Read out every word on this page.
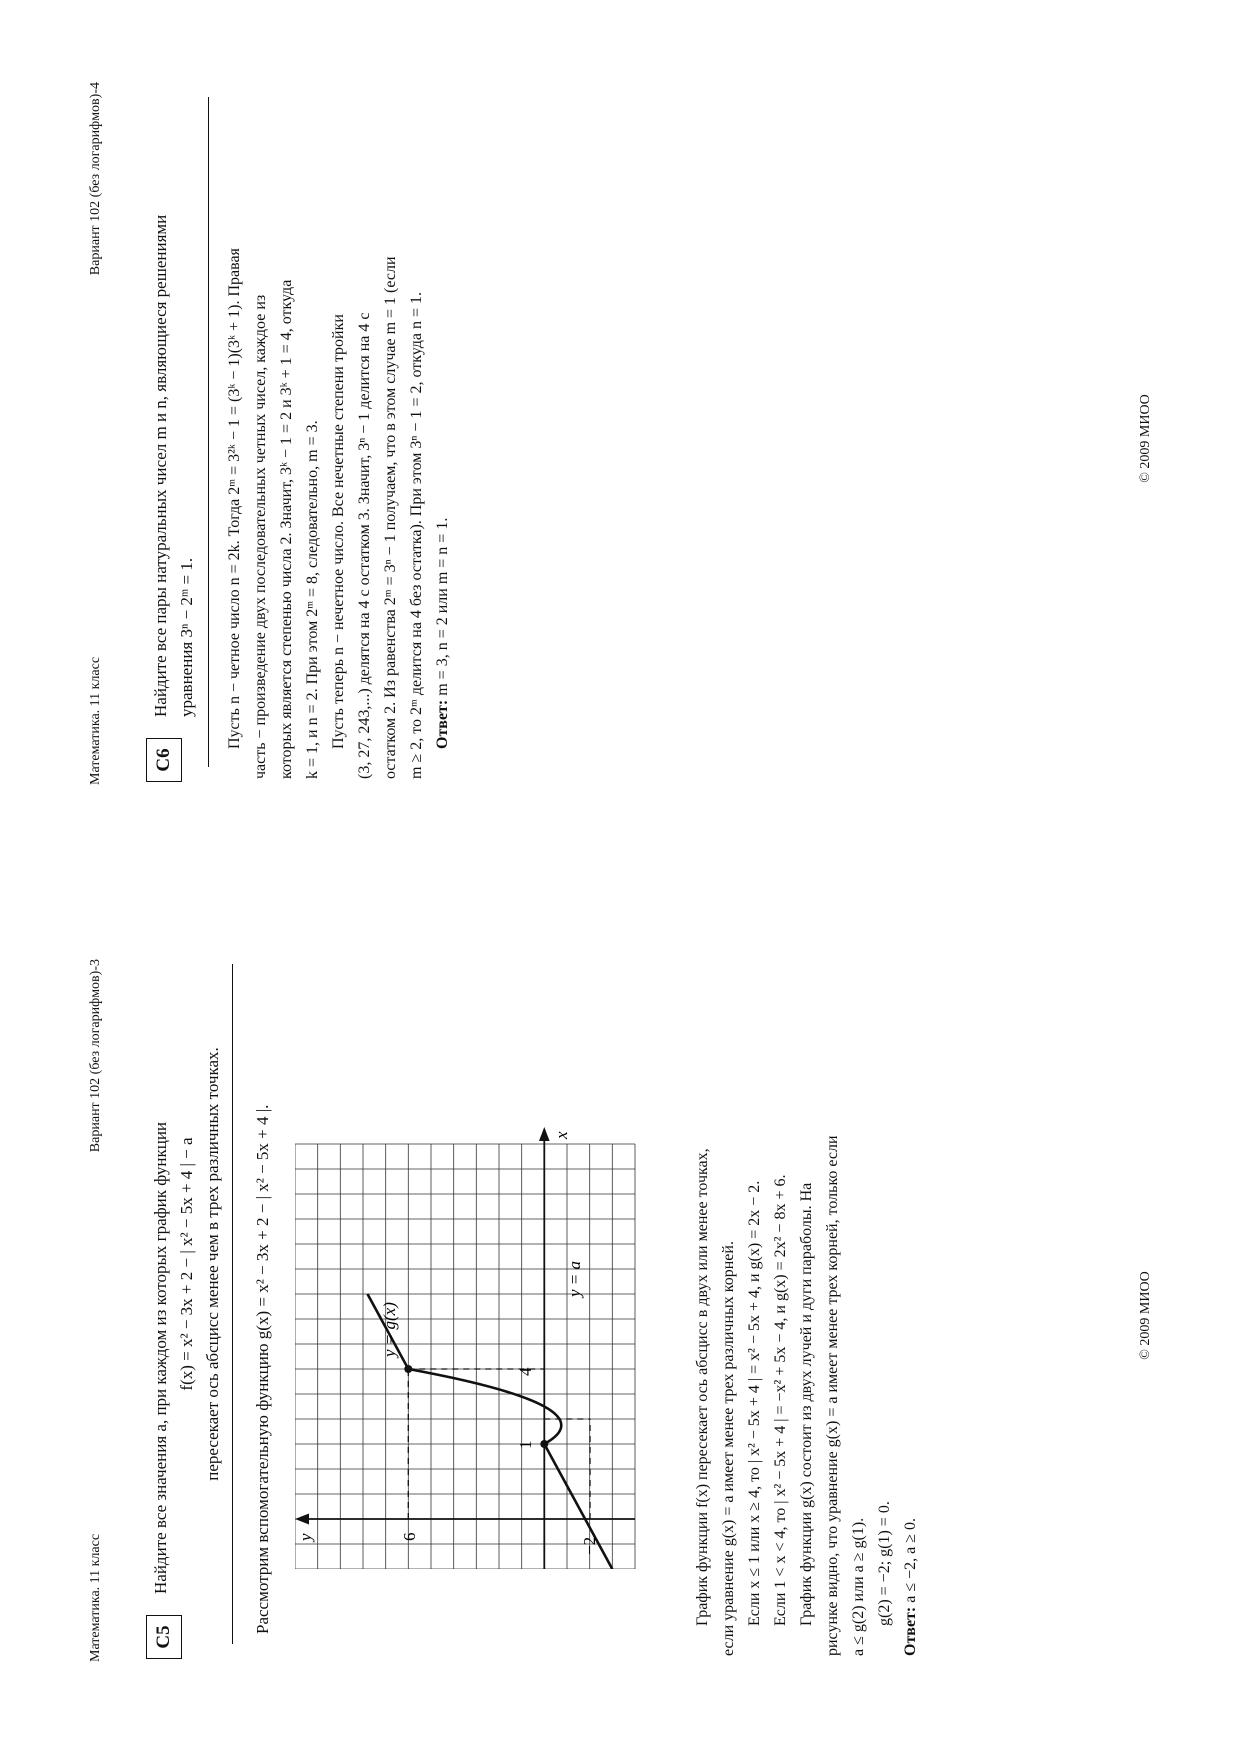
Математика. 11 класс
Вариант 102 (без логарифмов)-3
С5
Найдите все значения a, при каждом из которых график функции f(x) = x² − 3x + 2 − | x² − 5x + 4 | − a пересекает ось абсцисс менее чем в трех различных точках. Рассмотрим вспомогательную функцию g(x) = x² − 3x + 2 − | x² − 5x + 4 |.	x
y	6
−2
1
4
y = g(x)
y = a	График функции f(x) пересекает ось абсцисс в двух или менее точках, если уравнение g(x) = a имеет менее трех различных корней. Если x ≤ 1 или x ≥ 4, то | x² − 5x + 4 | = x² − 5x + 4, и g(x) = 2x − 2. Если 1 < x < 4, то | x² − 5x + 4 | = −x² + 5x − 4, и g(x) = 2x² − 8x + 6. График функции g(x) состоит из двух лучей и дуги параболы. На рисунке видно, что уравнение g(x) = a имеет менее трех корней, только если a ≤ g(2) или a ≥ g(1). g(2) = −2; g(1) = 0.
Ответ: a ≤ −2, a ≥ 0.
© 2009 МИОО
Математика. 11 класс
Вариант 102 (без логарифмов)-4
С6
Найдите все пары натуральных чисел m и n, являющиеся решениями уравнения 3ⁿ − 2ᵐ = 1. Пусть n − четное число n = 2k. Тогда 2ᵐ = 3²ᵏ − 1 = (3ᵏ − 1)(3ᵏ + 1). Правая часть − произведение двух последовательных четных чисел, каждое из которых является степенью числа 2. Значит, 3ᵏ − 1 = 2 и 3ᵏ + 1 = 4, откуда k = 1, и n = 2. При этом 2ᵐ = 8, следовательно, m = 3. Пусть теперь n − нечетное число. Все нечетные степени тройки (3, 27, 243,...) делятся на 4 с остатком 3. Значит, 3ⁿ − 1 делится на 4 с остатком 2. Из равенства 2ᵐ = 3ⁿ − 1 получаем, что в этом случае m = 1 (если m ≥ 2, то 2ᵐ делится на 4 без остатка). При этом 3ⁿ − 1 = 2, откуда n = 1. Ответ: m = 3, n = 2 или m = n = 1.
© 2009 МИОО
